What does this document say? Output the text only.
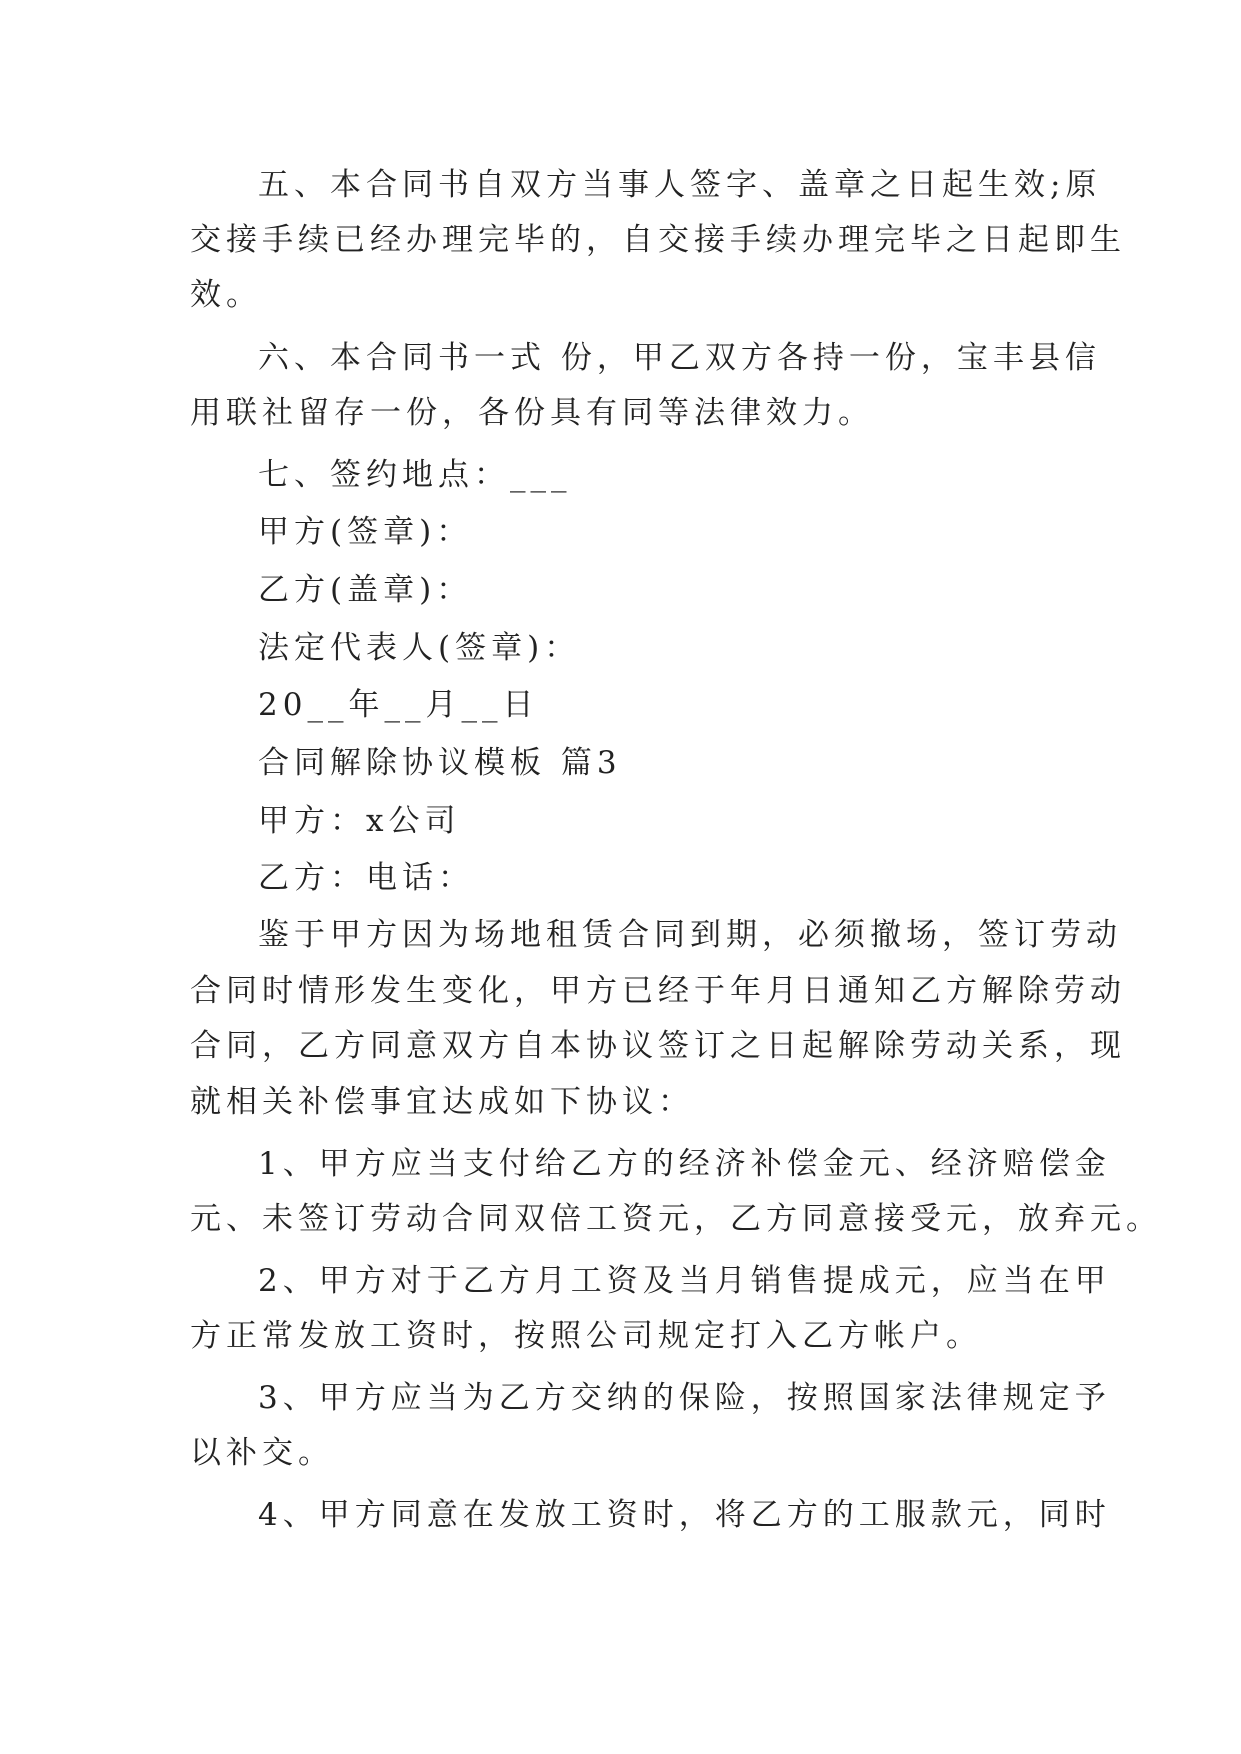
五、本合同书自双方当事人签字、盖章之日起生效;原

交接手续已经办理完毕的，自交接手续办理完毕之日起即生

效。

六、本合同书一式 份，甲乙双方各持一份，宝丰县信

用联社留存一份，各份具有同等法律效力。

七、签约地点：___

甲方(签章)：

乙方(盖章)：

法定代表人(签章)：

20__年__月__日

合同解除协议模板 篇3

甲方：x公司

乙方：电话：

鉴于甲方因为场地租赁合同到期，必须撤场，签订劳动

合同时情形发生变化，甲方已经于年月日通知乙方解除劳动

合同，乙方同意双方自本协议签订之日起解除劳动关系，现

就相关补偿事宜达成如下协议：

1、甲方应当支付给乙方的经济补偿金元、经济赔偿金

元、未签订劳动合同双倍工资元，乙方同意接受元，放弃元。

2、甲方对于乙方月工资及当月销售提成元，应当在甲

方正常发放工资时，按照公司规定打入乙方帐户。

3、甲方应当为乙方交纳的保险，按照国家法律规定予

以补交。

4、甲方同意在发放工资时，将乙方的工服款元，同时
